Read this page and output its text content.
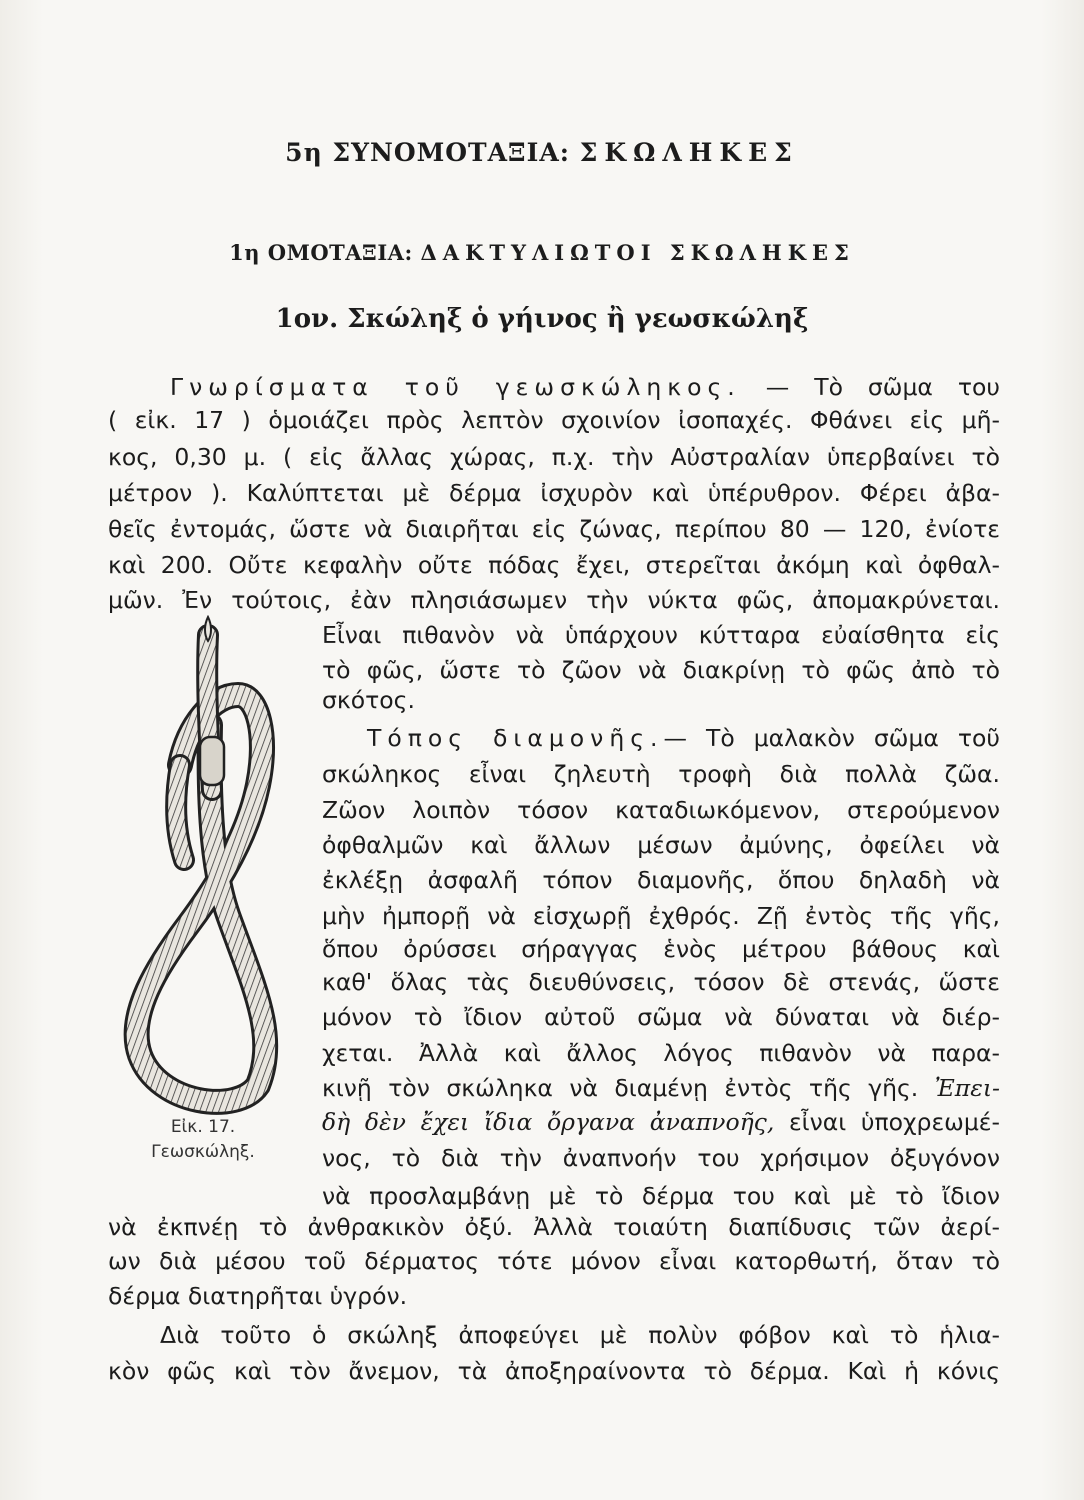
5η ΣΥΝΟΜΟΤΑΞΙΑ: ΣΚΩΛΗΚΕΣ
1η ΟΜΟΤΑΞΙΑ: ΔΑΚΤΥΛΙΩΤΟΙ ΣΚΩΛΗΚΕΣ
1ον. Σκώληξ ὁ γήινος ἢ γεωσκώληξ
Γνωρίσματα τοῦ γεωσκώληκος. — Τὸ σῶμα του
( εἰκ. 17 ) ὁμοιάζει πρὸς λεπτὸν σχοινίον ἰσοπαχές. Φθάνει εἰς μῆ-
κος, 0,30 μ. ( εἰς ἄλλας χώρας, π.χ. τὴν Αὐστραλίαν ὑπερβαίνει τὸ
μέτρον ). Καλύπτεται μὲ δέρμα ἰσχυρὸν καὶ ὑπέρυθρον. Φέρει ἀβα-
θεῖς ἐντομάς, ὥστε νὰ διαιρῆται εἰς ζώνας, περίπου 80 — 120, ἐνίοτε
καὶ 200. Οὔτε κεφαλὴν οὔτε πόδας ἔχει, στερεῖται ἀκόμη καὶ ὀφθαλ-
μῶν. Ἐν τούτοις, ἐὰν πλησιάσωμεν τὴν νύκτα φῶς, ἀπομακρύνεται.
Εἶναι πιθανὸν νὰ ὑπάρχουν κύτταρα εὐαίσθητα εἰς
τὸ φῶς, ὥστε τὸ ζῶον νὰ διακρίνῃ τὸ φῶς ἀπὸ τὸ
σκότος.
Τόπος διαμονῆς.— Τὸ μαλακὸν σῶμα τοῦ
σκώληκος εἶναι ζηλευτὴ τροφὴ διὰ πολλὰ ζῶα.
Ζῶον λοιπὸν τόσον καταδιωκόμενον, στερούμενον
ὀφθαλμῶν καὶ ἄλλων μέσων ἀμύνης, ὀφείλει νὰ
ἐκλέξῃ ἀσφαλῆ τόπον διαμονῆς, ὅπου δηλαδὴ νὰ
μὴν ἠμπορῇ νὰ εἰσχωρῇ ἐχθρός. Ζῇ ἐντὸς τῆς γῆς,
ὅπου ὀρύσσει σήραγγας ἑνὸς μέτρου βάθους καὶ
καθ' ὅλας τὰς διευθύνσεις, τόσον δὲ στενάς, ὥστε
μόνον τὸ ἴδιον αὐτοῦ σῶμα νὰ δύναται νὰ διέρ-
χεται. Ἀλλὰ καὶ ἄλλος λόγος πιθανὸν νὰ παρα-
κινῇ τὸν σκώληκα νὰ διαμένῃ ἐντὸς τῆς γῆς. Ἐπει-
δὴ δὲν ἔχει ἴδια ὄργανα ἀναπνοῆς, εἶναι ὑποχρεωμέ-
νος, τὸ διὰ τὴν ἀναπνοήν του χρήσιμον ὀξυγόνον
νὰ προσλαμβάνῃ μὲ τὸ δέρμα του καὶ μὲ τὸ ἴδιον
νὰ ἐκπνέῃ τὸ ἀνθρακικὸν ὀξύ. Ἀλλὰ τοιαύτη διαπίδυσις τῶν ἀερί-
ων διὰ μέσου τοῦ δέρματος τότε μόνον εἶναι κατορθωτή, ὅταν τὸ
δέρμα διατηρῆται ὑγρόν.
Διὰ τοῦτο ὁ σκώληξ ἀποφεύγει μὲ πολὺν φόβον καὶ τὸ ἡλια-
κὸν φῶς καὶ τὸν ἄνεμον, τὰ ἀποξηραίνοντα τὸ δέρμα. Καὶ ἡ κόνις
Εἰκ. 17.
Γεωσκώληξ.
